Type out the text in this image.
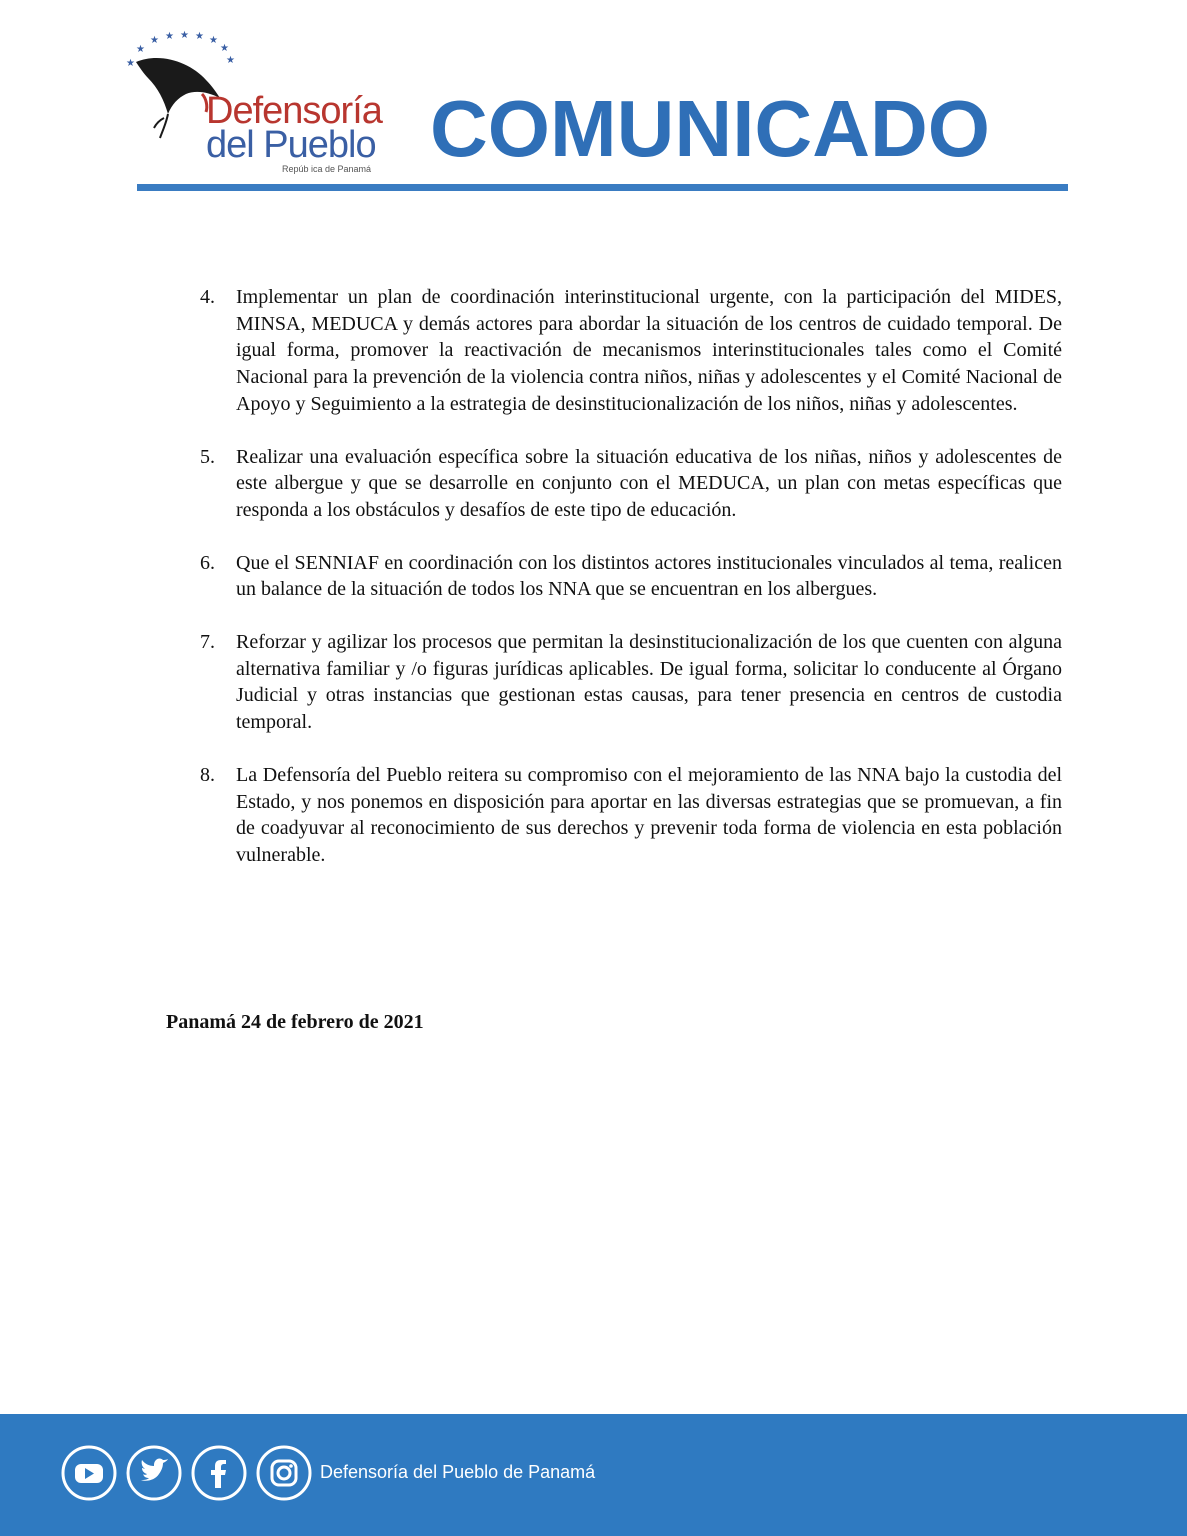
★
★
★ ★ ★ ★ ★
★
★
Defensoría
del Pueblo
Repúb ica de Panamá COMUNICADO
4. Implementar un plan de coordinación interinstitucional urgente, con la participación del MIDES, MINSA, MEDUCA y demás actores para abordar la situación de los centros de cuidado temporal. De igual forma, promover la reactivación de mecanismos interinstitucionales tales como el Comité Nacional para la prevención de la violencia contra niños, niñas y adolescentes y el Comité Nacional de Apoyo y Seguimiento a la estrategia de desinstitucionalización de los niños, niñas y adolescentes.
5. Realizar una evaluación específica sobre la situación educativa de los niñas, niños y adolescentes de este albergue y que se desarrolle en conjunto con el MEDUCA, un plan con metas específicas que responda a los obstáculos y desafíos de este tipo de educación.
6. Que el SENNIAF en coordinación con los distintos actores institucionales vinculados al tema, realicen un balance de la situación de todos los NNA que se encuentran en los albergues.
7. Reforzar y agilizar los procesos que permitan la desinstitucionalización de los que cuenten con alguna alternativa familiar y /o figuras jurídicas aplicables. De igual forma, solicitar lo conducente al Órgano Judicial y otras instancias que gestionan estas causas, para tener presencia en centros de custodia temporal.
8. La Defensoría del Pueblo reitera su compromiso con el mejoramiento de las NNA bajo la custodia del Estado, y nos ponemos en disposición para aportar en las diversas estrategias que se promuevan, a fin de coadyuvar al reconocimiento de sus derechos y prevenir toda forma de violencia en esta población vulnerable.
Panamá 24 de febrero de 2021
Defensoría del Pueblo de Panamá
